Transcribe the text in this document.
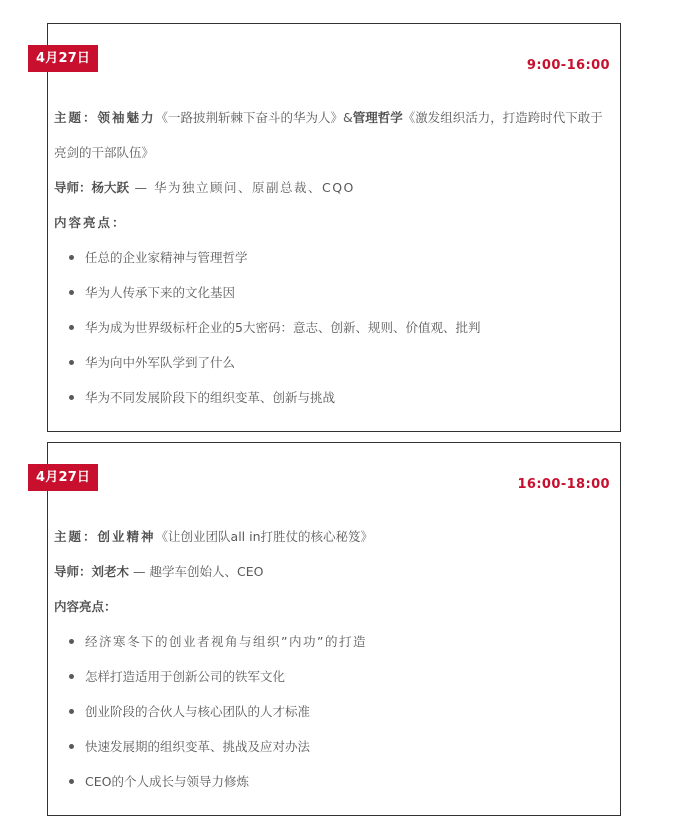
4月27日	9:00-16:00
主题：领袖魅力《一路披荆斩棘下奋斗的华为人》&管理哲学《激发组织活力，打造跨时代下敢于亮剑的干部队伍》
导师：杨大跃 — 华为独立顾问、原副总裁、CQO
内容亮点：
任总的企业家精神与管理哲学
华为人传承下来的文化基因
华为成为世界级标杆企业的5大密码：意志、创新、规则、价值观、批判
华为向中外军队学到了什么
华为不同发展阶段下的组织变革、创新与挑战
4月27日	16:00-18:00
主题：创业精神《让创业团队all in打胜仗的核心秘笈》
导师：刘老木 — 趣学车创始人、CEO
内容亮点：
经济寒冬下的创业者视角与组织”内功”的打造
怎样打造适用于创新公司的铁军文化
创业阶段的合伙人与核心团队的人才标准
快速发展期的组织变革、挑战及应对办法
CEO的个人成长与领导力修炼
